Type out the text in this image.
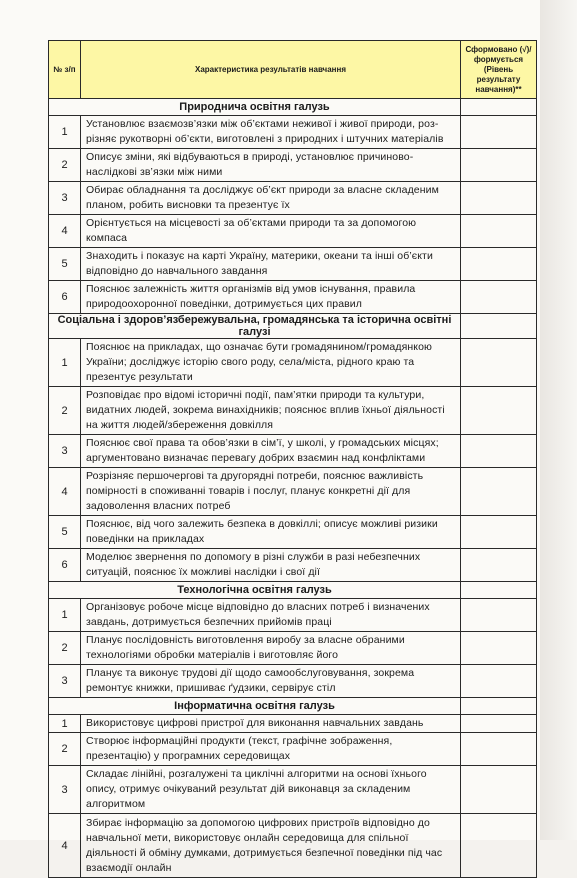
№ з/п	Характеристика результатів навчання	Сформовано (√)/ формується (Рівень результату навчання)**
Природнича освітня галузь		
1	Установлює взаємозв’язки між об’єктами неживої і живої природи, роз-різняє рукотворні об’єкти, виготовлені з природних і штучних матеріалів	
2	Описує зміни, які відбуваються в природі, установлює причиново-наслідкові зв’язки між ними	
3	Обирає обладнання та досліджує об’єкт природи за власне складеним планом, робить висновки та презентує їх	
4	Орієнтується на місцевості за об’єктами природи та за допомогою компаса	
5	Знаходить і показує на карті Україну, материки, океани та інші об’єкти відповідно до навчального завдання	
6	Пояснює залежність життя організмів від умов існування, правила природоохоронної поведінки, дотримується цих правил	
Соціальна і здоров’язбережувальна, громадянська та історична освітні галузі		
1	Пояснює на прикладах, що означає бути громадянином/громадянкою України; досліджує історію свого роду, села/міста, рідного краю та презентує результати	
2	Розповідає про відомі історичні події, пам’ятки природи та культури, видатних людей, зокрема винахідників; пояснює вплив їхньої діяльності на життя людей/збереження довкілля	
3	Пояснює свої права та обов’язки в сім’ї, у школі, у громадських місцях; аргументовано визначає перевагу добрих взаємин над конфліктами	
4	Розрізняє першочергові та другорядні потреби, пояснює важливість помірності в споживанні товарів і послуг, планує конкретні дії для задоволення власних потреб	
5	Пояснює, від чого залежить безпека в довкіллі; описує можливі ризики поведінки на прикладах	
6	Моделює звернення по допомогу в різні служби в разі небезпечних ситуацій, пояснює їх можливі наслідки і свої дії	
Технологічна освітня галузь		
1	Організовує робоче місце відповідно до власних потреб і визначених завдань, дотримується безпечних прийомів праці	
2	Планує послідовність виготовлення виробу за власне обраними технологіями обробки матеріалів і виготовляє його	
3	Планує та виконує трудові дії щодо самообслуговування, зокрема ремонтує книжки, пришиває ґудзики, сервірує стіл	
Інформатична освітня галузь		
1	Використовує цифрові пристрої для виконання навчальних завдань	
2	Створює інформаційні продукти (текст, графічне зображення, презентацію) у програмних середовищах	
3	Складає лінійні, розгалужені та циклічні алгоритми на основі їхнього опису, отримує очікуваний результат дій виконавця за складеним алгоритмом	
4	Збирає інформацію за допомогою цифрових пристроїв відповідно до навчальної мети, використовує онлайн середовища для спільної діяльності й обміну думками, дотримується безпечної поведінки під час взаємодії онлайн	
